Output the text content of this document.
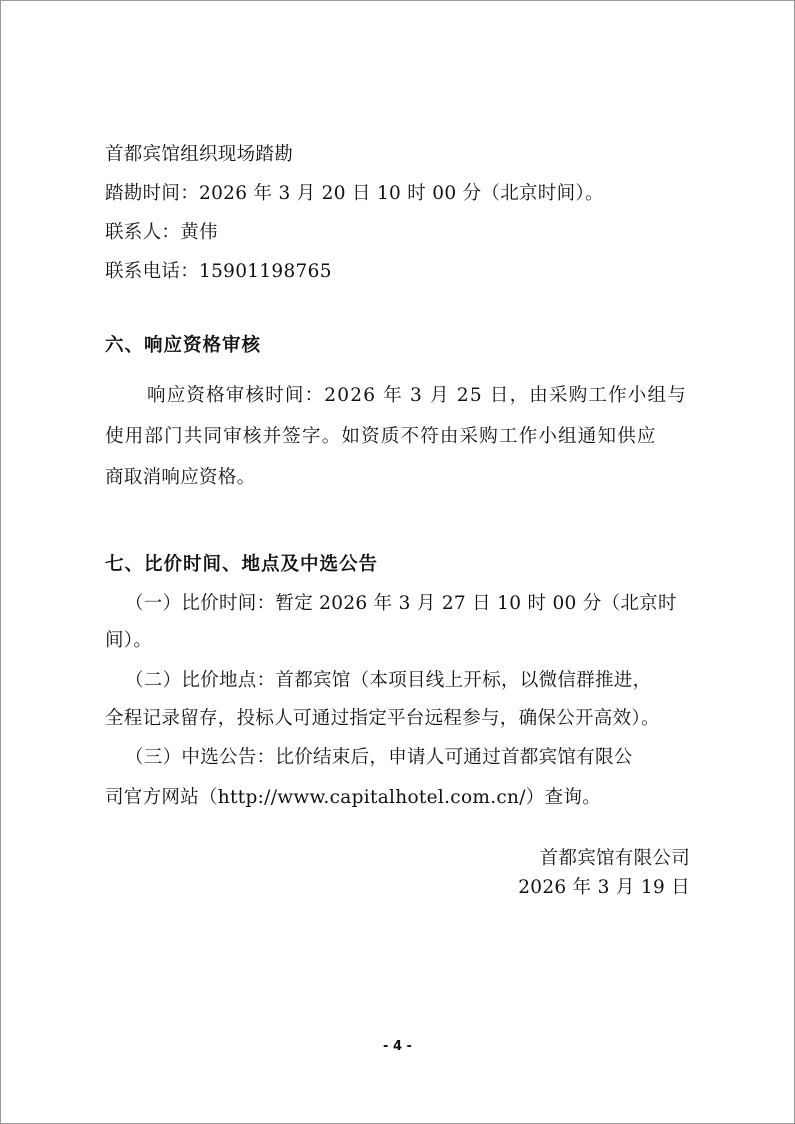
首都宾馆组织现场踏勘
踏勘时间：2026 年 3 月 20 日 10 时 00 分（北京时间）。
联系人：黄伟
联系电话：15901198765
六、响应资格审核
响应资格审核时间：2026 年 3 月 25 日，由采购工作小组与
使用部门共同审核并签字。如资质不符由采购工作小组通知供应
商取消响应资格。
七、比价时间、地点及中选公告
（一）比价时间：暂定 2026 年 3 月 27 日 10 时 00 分（北京时
间）。
（二）比价地点：首都宾馆（本项目线上开标，以微信群推进，
全程记录留存，投标人可通过指定平台远程参与，确保公开高效）。
（三）中选公告：比价结束后，申请人可通过首都宾馆有限公
司官方网站（http://www.capitalhotel.com.cn/）查询。
首都宾馆有限公司
2026 年 3 月 19 日
- 4 -
